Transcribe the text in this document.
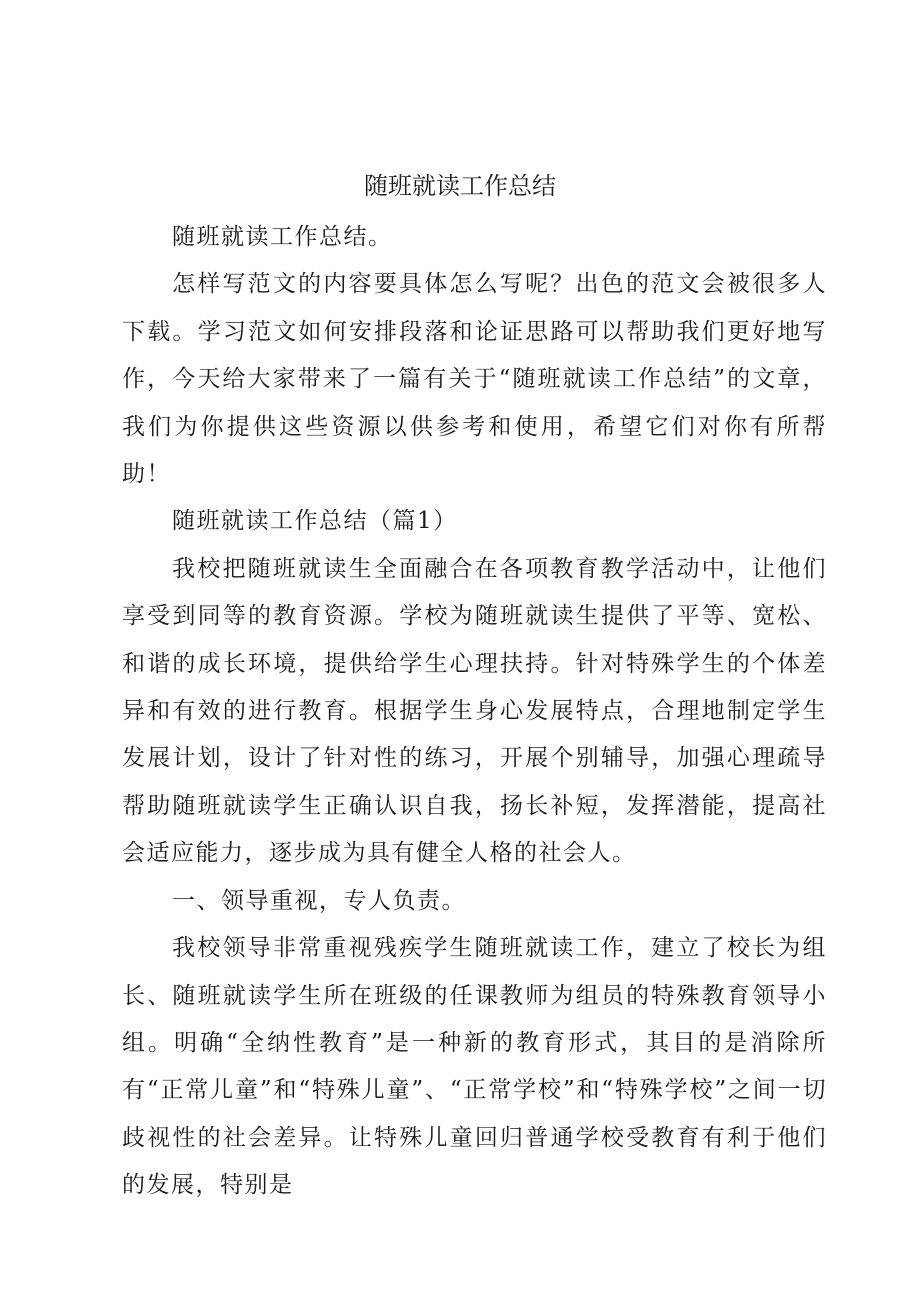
随班就读工作总结

随班就读工作总结。

怎样写范文的内容要具体怎么写呢？出色的范文会被很多人下载。学习范文如何安排段落和论证思路可以帮助我们更好地写作，今天给大家带来了一篇有关于“随班就读工作总结”的文章，我们为你提供这些资源以供参考和使用，希望它们对你有所帮助！

随班就读工作总结（篇1）

我校把随班就读生全面融合在各项教育教学活动中，让他们享受到同等的教育资源。学校为随班就读生提供了平等、宽松、和谐的成长环境，提供给学生心理扶持。针对特殊学生的个体差异和有效的进行教育。根据学生身心发展特点，合理地制定学生发展计划，设计了针对性的练习，开展个别辅导，加强心理疏导帮助随班就读学生正确认识自我，扬长补短，发挥潜能，提高社会适应能力，逐步成为具有健全人格的社会人。

一、领导重视，专人负责。

我校领导非常重视残疾学生随班就读工作，建立了校长为组长、随班就读学生所在班级的任课教师为组员的特殊教育领导小组。明确“全纳性教育”是一种新的教育形式，其目的是消除所有“正常儿童”和“特殊儿童”、“正常学校”和“特殊学校”之间一切歧视性的社会差异。让特殊儿童回归普通学校受教育有利于他们的发展，特别是
